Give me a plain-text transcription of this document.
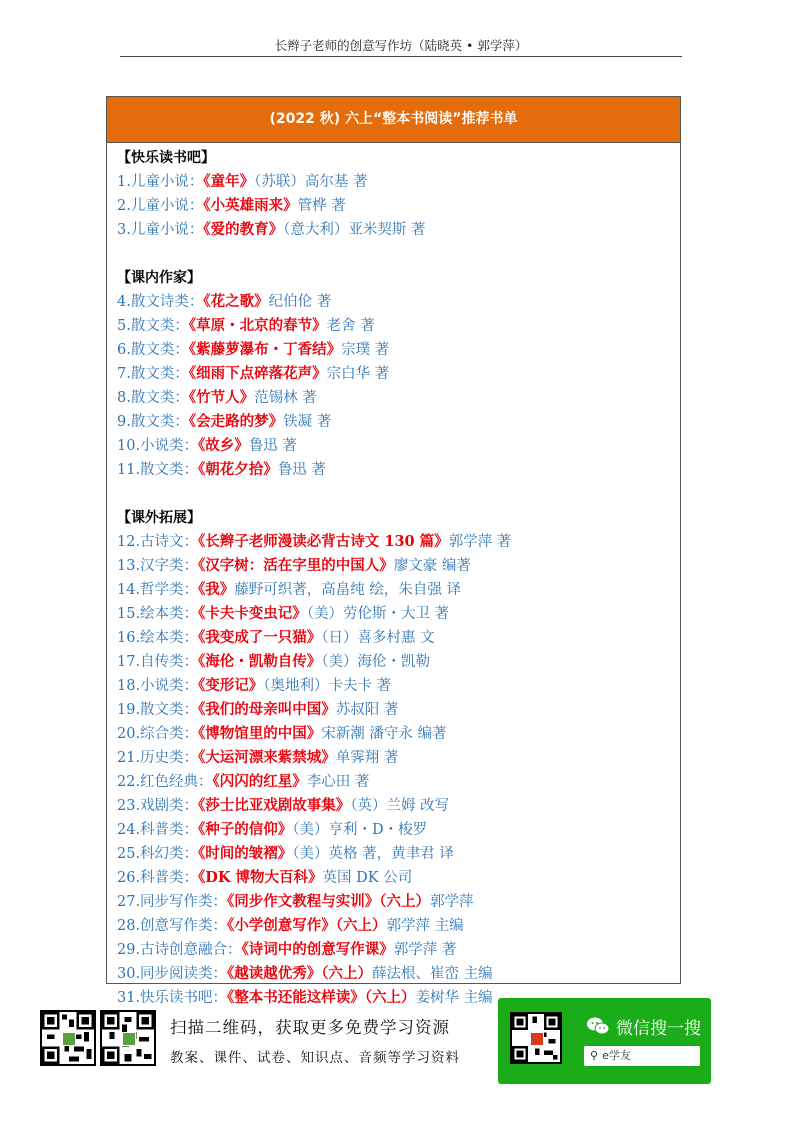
长辫子老师的创意写作坊（陆晓英 • 郭学萍）
(2022 秋) 六上“整本书阅读”推荐书单
【快乐读书吧】
1.儿童小说：《童年》（苏联）高尔基 著
2.儿童小说：《小英雄雨来》管桦 著
3.儿童小说：《爱的教育》（意大利）亚米契斯 著
【课内作家】
4.散文诗类：《花之歌》纪伯伦 著
5.散文类：《草原・北京的春节》老舍 著
6.散文类：《紫藤萝瀑布・丁香结》宗璞 著
7.散文类：《细雨下点碎落花声》宗白华 著
8.散文类：《竹节人》范锡林 著
9.散文类：《会走路的梦》铁凝 著
10.小说类：《故乡》鲁迅 著
11.散文类：《朝花夕拾》鲁迅 著
【课外拓展】
12.古诗文：《长辫子老师漫读必背古诗文 130 篇》郭学萍 著
13.汉字类：《汉字树：活在字里的中国人》廖文豪 编著
14.哲学类：《我》藤野可织著，高畠纯 绘，朱自强 译
15.绘本类：《卡夫卡变虫记》（美）劳伦斯・大卫 著
16.绘本类：《我变成了一只猫》（日）喜多村惠 文
17.自传类：《海伦・凯勒自传》（美）海伦・凯勒
18.小说类：《变形记》（奥地利）卡夫卡 著
19.散文类：《我们的母亲叫中国》苏叔阳 著
20.综合类：《博物馆里的中国》宋新潮 潘守永 编著
21.历史类：《大运河漂来紫禁城》单霁翔 著
22.红色经典：《闪闪的红星》李心田 著
23.戏剧类：《莎士比亚戏剧故事集》（英）兰姆 改写
24.科普类：《种子的信仰》（美）亨利・D・梭罗
25.科幻类：《时间的皱褶》（美）英格 著，黄聿君 译
26.科普类：《DK 博物大百科》英国 DK 公司
27.同步写作类：《同步作文教程与实训》（六上）郭学萍
28.创意写作类：《小学创意写作》（六上）郭学萍 主编
29.古诗创意融合：《诗词中的创意写作课》郭学萍 著
30.同步阅读类：《越读越优秀》（六上）薛法根、崔峦 主编
31.快乐读书吧：《整本书还能这样读》（六上）姜树华 主编
扫描二维码，获取更多免费学习资源
教案、课件、试卷、知识点、音频等学习资料
微信搜一搜
⚲ e学友
